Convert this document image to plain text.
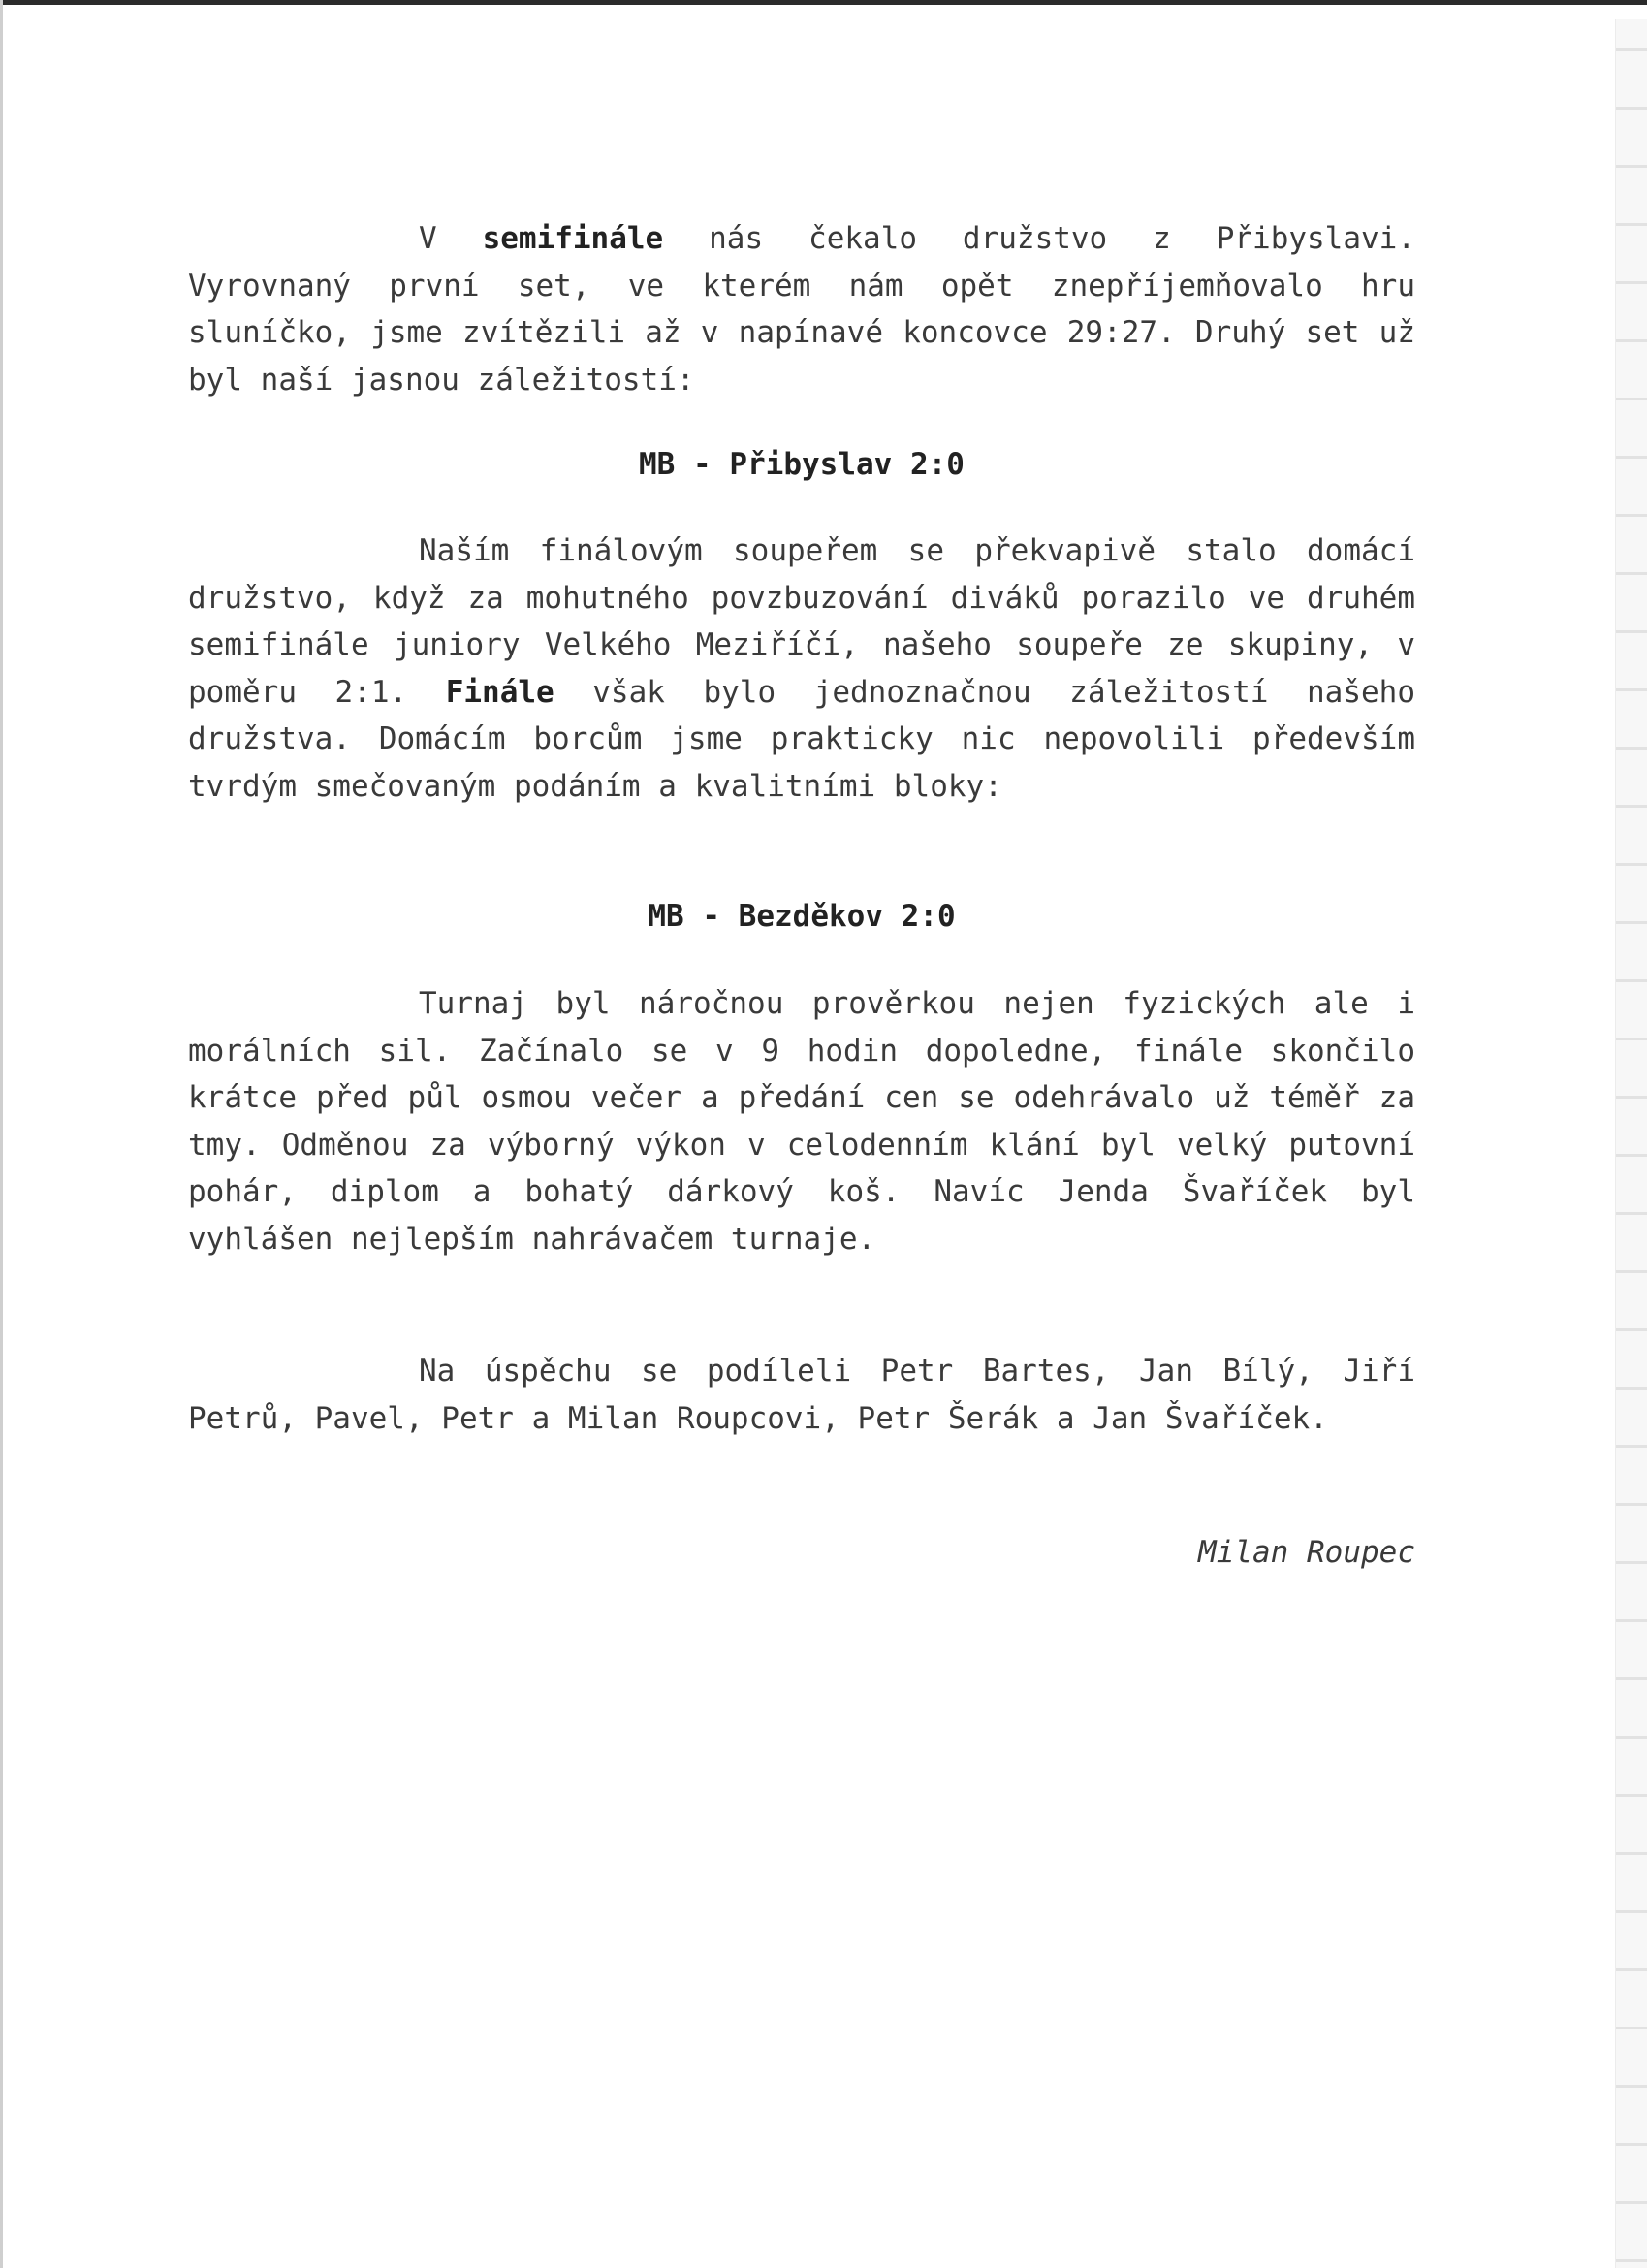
V semifinále nás čekalo družstvo z Přibyslavi. Vyrovnaný první set, ve kterém nám opět znepříjemňovalo hru sluníčko, jsme zvítězili až v napínavé koncovce 29:27. Druhý set už byl naší jasnou záležitostí:

MB - Přibyslav 2:0

Naším finálovým soupeřem se překvapivě stalo domácí družstvo, když za mohutného povzbuzování diváků porazilo ve druhém semifinále juniory Velkého Meziříčí, našeho soupeře ze skupiny, v poměru 2:1. Finále však bylo jednoznačnou záležitostí našeho družstva. Domácím borcům jsme prakticky nic nepovolili především tvrdým smečovaným podáním a kvalitními bloky:

MB - Bezděkov 2:0

Turnaj byl náročnou prověrkou nejen fyzických ale i morálních sil. Začínalo se v 9 hodin dopoledne, finále skončilo krátce před půl osmou večer a předání cen se odehrávalo už téměř za tmy. Odměnou za výborný výkon v celodenním klání byl velký putovní pohár, diplom a bohatý dárkový koš. Navíc Jenda Švaříček byl vyhlášen nejlepším nahrávačem turnaje.

Na úspěchu se podíleli Petr Bartes, Jan Bílý, Jiří Petrů, Pavel, Petr a Milan Roupcovi, Petr Šerák a Jan Švaříček.

Milan Roupec
